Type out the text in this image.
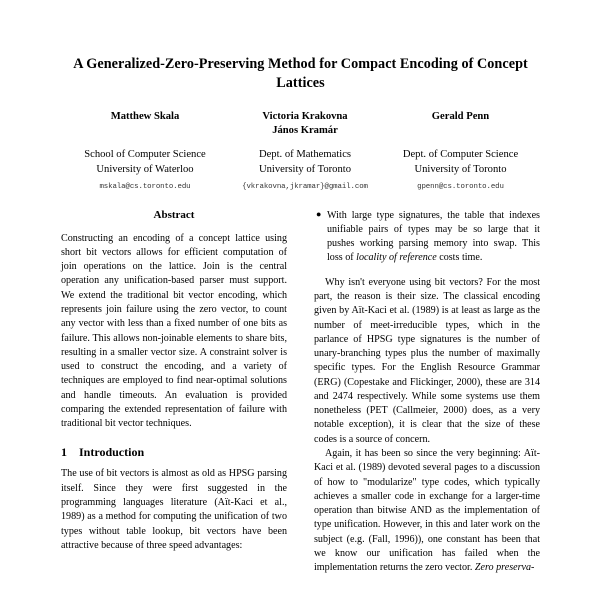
A Generalized-Zero-Preserving Method for Compact Encoding of Concept Lattices
Matthew Skala
School of Computer Science
University of Waterloo
mskala@cs.toronto.edu
Victoria Krakovna
János Kramár
Dept. of Mathematics
University of Toronto
{vkrakovna,jkramar}@gmail.com
Gerald Penn
Dept. of Computer Science
University of Toronto
gpenn@cs.toronto.edu
Abstract

Constructing an encoding of a concept lattice using short bit vectors allows for efficient computation of join operations on the lattice. Join is the central operation any unification-based parser must support. We extend the traditional bit vector encoding, which represents join failure using the zero vector, to count any vector with less than a fixed number of one bits as failure. This allows non-joinable elements to share bits, resulting in a smaller vector size. A constraint solver is used to construct the encoding, and a variety of techniques are employed to find near-optimal solutions and handle timeouts. An evaluation is provided comparing the extended representation of failure with traditional bit vector techniques.

1 Introduction

The use of bit vectors is almost as old as HPSG parsing itself. Since they were first suggested in the programming languages literature (Aït-Kaci et al., 1989) as a method for computing the unification of two types without table lookup, bit vectors have been attractive because of three speed advantages:

● With large type signatures, the table that indexes unifiable pairs of types may be so large that it pushes working parsing memory into swap. This loss of locality of reference costs time.

Why isn't everyone using bit vectors? For the most part, the reason is their size. The classical encoding given by Aït-Kaci et al. (1989) is at least as large as the number of meet-irreducible types, which in the parlance of HPSG type signatures is the number of unary-branching types plus the number of maximally specific types. For the English Resource Grammar (ERG) (Copestake and Flickinger, 2000), these are 314 and 2474 respectively. While some systems use them nonetheless (PET (Callmeier, 2000) does, as a very notable exception), it is clear that the size of these codes is a source of concern.

Again, it has been so since the very beginning: Aït-Kaci et al. (1989) devoted several pages to a discussion of how to "modularize" type codes, which typically achieves a smaller code in exchange for a larger-time operation than bitwise AND as the implementation of type unification. However, in this and later work on the subject (e.g. (Fall, 1996)), one constant has been that we know our unification has failed when the implementation returns the zero vector. Zero preserva-
